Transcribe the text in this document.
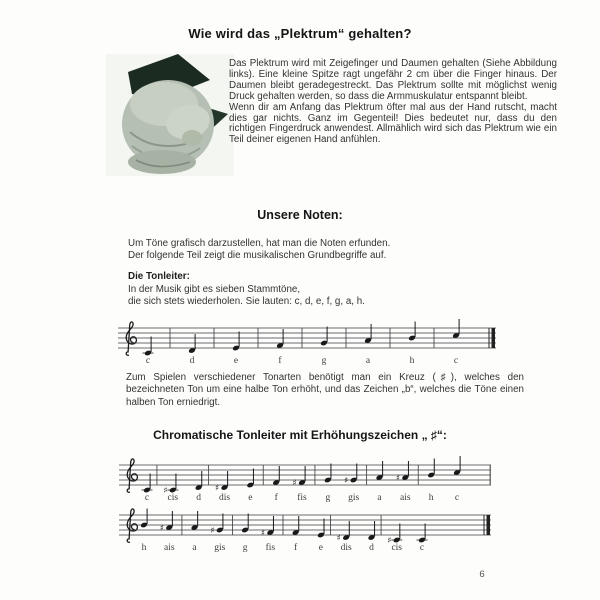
Wie wird das „Plektrum“ gehalten?

Das Plektrum wird mit Zeigefinger und Daumen gehalten (Siehe Abbildung links). Eine kleine Spitze ragt ungefähr 2 cm über die Finger hinaus. Der Daumen bleibt geradegestreckt. Das Plektrum sollte mit möglichst wenig Druck gehalten werden, so dass die Armmuskulatur entspannt bleibt.

Wenn dir am Anfang das Plektrum öfter mal aus der Hand rutscht, macht dies gar nichts. Ganz im Gegenteil! Dies bedeutet nur, dass du den richtigen Fingerdruck anwendest. Allmählich wird sich das Plektrum wie ein Teil deiner eigenen Hand anfühlen.

Unsere Noten:
Um Töne grafisch darzustellen, hat man die Noten erfunden.
Der folgende Teil zeigt die musikalischen Grundbegriffe auf.
Die Tonleiter:
In der Musik gibt es sieben Stammtöne,
die sich stets wiederholen. Sie lauten: c, d, e, f, g, a, h.
c	d	e	f	g	a	h	c
Zum Spielen verschiedener Tonarten benötigt man ein Kreuz (♯), welches den bezeichneten Ton um eine halbe Ton erhöht, und das Zeichen „b“, welches die Töne einen halben Ton erniedrigt.
Chromatische Tonleiter mit Erhöhungszeichen „ ♯“:
c
♯
cis d
♯
dis e f
♯
fis g
♯
gis a
♯
ais h c
h
♯
ais a
♯
gis g
♯
fis f e
♯
dis d
♯
cis c
6
